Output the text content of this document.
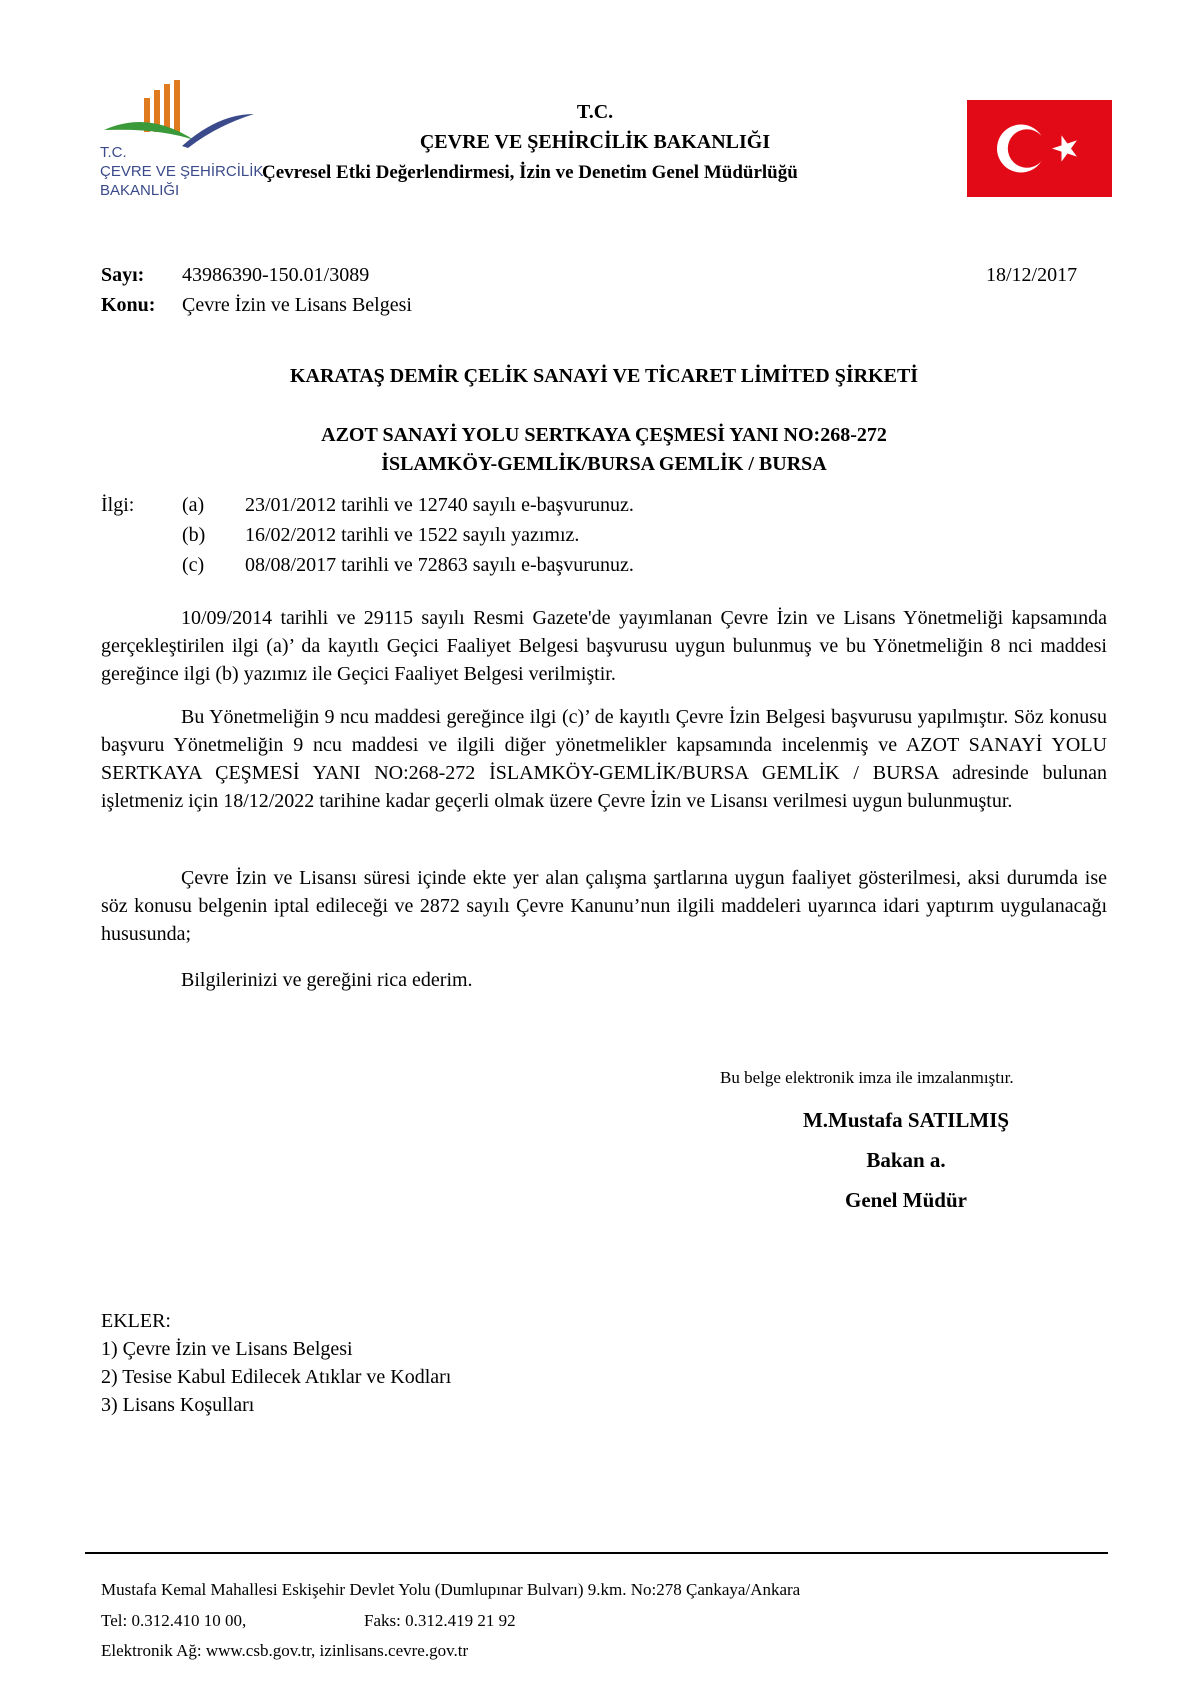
T.C.
ÇEVRE VE ŞEHİRCİLİK
BAKANLIĞI
T.C.
ÇEVRE VE ŞEHİRCİLİK BAKANLIĞI
Çevresel Etki Değerlendirmesi, İzin ve Denetim Genel Müdürlüğü
Sayı: 43986390-150.01/3089	18/12/2017
Konu: Çevre İzin ve Lisans Belgesi
KARATAŞ DEMİR ÇELİK SANAYİ VE TİCARET LİMİTED ŞİRKETİ
AZOT SANAYİ YOLU SERTKAYA ÇEŞMESİ YANI NO:268-272
İSLAMKÖY-GEMLİK/BURSA GEMLİK / BURSA
İlgi: (a) 23/01/2012 tarihli ve 12740 sayılı e-başvurunuz.
(b) 16/02/2012 tarihli ve 1522 sayılı yazımız.
(c) 08/08/2017 tarihli ve 72863 sayılı e-başvurunuz.

10/09/2014 tarihli ve 29115 sayılı Resmi Gazete'de yayımlanan Çevre İzin ve Lisans Yönetmeliği kapsamında gerçekleştirilen ilgi (a)’ da kayıtlı Geçici Faaliyet Belgesi başvurusu uygun bulunmuş ve bu Yönetmeliğin 8 nci maddesi gereğince ilgi (b) yazımız ile Geçici Faaliyet Belgesi verilmiştir.

Bu Yönetmeliğin 9 ncu maddesi gereğince ilgi (c)’ de kayıtlı Çevre İzin Belgesi başvurusu yapılmıştır. Söz konusu başvuru Yönetmeliğin 9 ncu maddesi ve ilgili diğer yönetmelikler kapsamında incelenmiş ve AZOT SANAYİ YOLU SERTKAYA ÇEŞMESİ YANI NO:268-272 İSLAMKÖY-GEMLİK/BURSA GEMLİK / BURSA adresinde bulunan işletmeniz için 18/12/2022 tarihine kadar geçerli olmak üzere Çevre İzin ve Lisansı verilmesi uygun bulunmuştur.

Çevre İzin ve Lisansı süresi içinde ekte yer alan çalışma şartlarına uygun faaliyet gösterilmesi, aksi durumda ise söz konusu belgenin iptal edileceği ve 2872 sayılı Çevre Kanunu’nun ilgili maddeleri uyarınca idari yaptırım uygulanacağı hususunda;

Bilgilerinizi ve gereğini rica ederim.

Bu belge elektronik imza ile imzalanmıştır.
M.Mustafa SATILMIŞ
Bakan a.
Genel Müdür
EKLER:
1) Çevre İzin ve Lisans Belgesi
2) Tesise Kabul Edilecek Atıklar ve Kodları
3) Lisans Koşulları
Mustafa Kemal Mahallesi Eskişehir Devlet Yolu (Dumlupınar Bulvarı) 9.km. No:278 Çankaya/Ankara
Tel: 0.312.410 10 00,	Faks: 0.312.419 21 92
Elektronik Ağ: www.csb.gov.tr, izinlisans.cevre.gov.tr
